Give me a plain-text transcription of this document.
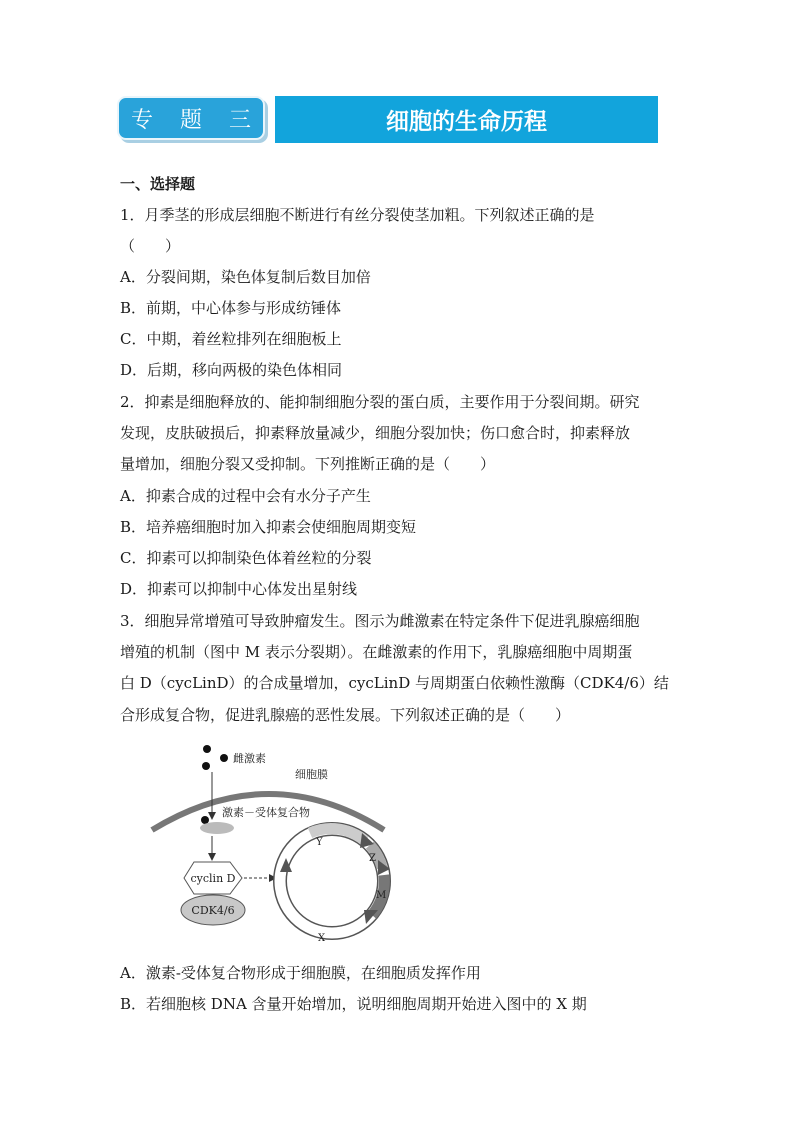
专 题 三	细胞的生命历程
一、选择题
1．月季茎的形成层细胞不断进行有丝分裂使茎加粗。下列叙述正确的是
（　　）
A．分裂间期，染色体复制后数目加倍
B．前期，中心体参与形成纺锤体
C．中期，着丝粒排列在细胞板上
D．后期，移向两极的染色体相同
2．抑素是细胞释放的、能抑制细胞分裂的蛋白质，主要作用于分裂间期。研究
发现，皮肤破损后，抑素释放量减少，细胞分裂加快；伤口愈合时，抑素释放
量增加，细胞分裂又受抑制。下列推断正确的是（　　）
A．抑素合成的过程中会有水分子产生
B．培养癌细胞时加入抑素会使细胞周期变短
C．抑素可以抑制染色体着丝粒的分裂
D．抑素可以抑制中心体发出星射线
3．细胞异常增殖可导致肿瘤发生。图示为雌激素在特定条件下促进乳腺癌细胞
增殖的机制（图中 M 表示分裂期）。在雌激素的作用下，乳腺癌细胞中周期蛋
白 D（cycLinD）的合成量增加，cycLinD 与周期蛋白依赖性激酶（CDK4/6）结
合形成复合物，促进乳腺癌的恶性发展。下列叙述正确的是（　　）
雌激素
细胞膜
激素－受体复合物
cyclin D
CDK4/6
Y
Z
M
X
A．激素-受体复合物形成于细胞膜，在细胞质发挥作用
B．若细胞核 DNA 含量开始增加，说明细胞周期开始进入图中的 X 期
